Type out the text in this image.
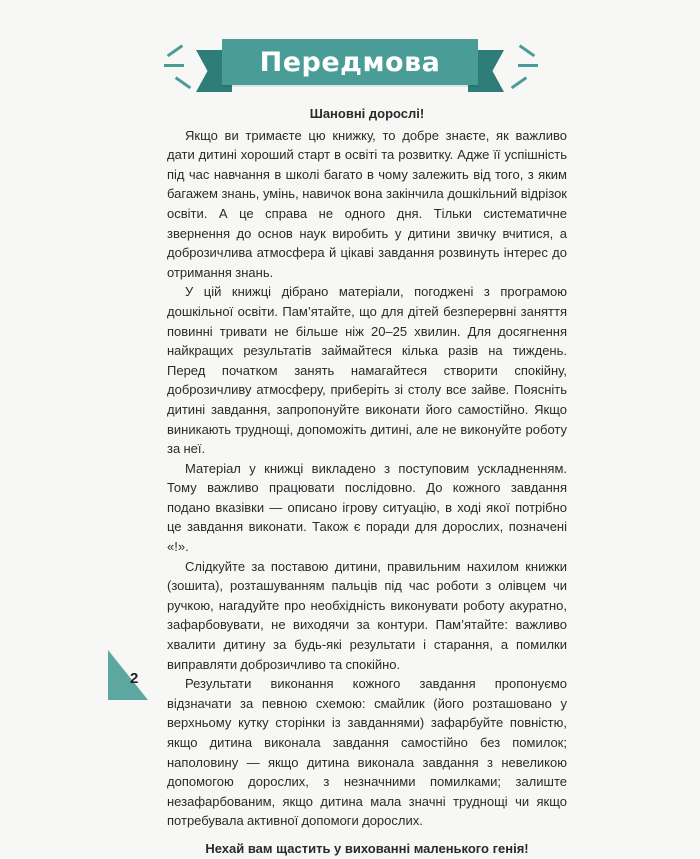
Передмова

Шановні дорослі!

Якщо ви тримаєте цю книжку, то добре знаєте, як важливо дати дитині хороший старт в освіті та розвитку. Адже її успішність під час навчання в школі багато в чому залежить від того, з яким багажем знань, умінь, навичок вона закінчила дошкільний відрізок освіти. А це справа не одного дня. Тільки систематичне звернення до основ наук виробить у дитини звичку вчитися, а доброзичлива атмосфера й цікаві завдання розвинуть інтерес до отримання знань.

У цій книжці дібрано матеріали, погоджені з програмою дошкільної освіти. Пам’ятайте, що для дітей безперервні заняття повинні тривати не більше ніж 20–25 хвилин. Для досягнення найкращих результатів займайтеся кілька разів на тиждень. Перед початком занять намагайтеся створити спокійну, доброзичливу атмосферу, приберіть зі столу все зайве. Поясніть дитині завдання, запропонуйте виконати його самостійно. Якщо виникають труднощі, допоможіть дитині, але не виконуйте роботу за неї.

Матеріал у книжці викладено з поступовим ускладненням. Тому важливо працювати послідовно. До кожного завдання подано вказівки — описано ігрову ситуацію, в ході якої потрібно це завдання виконати. Також є поради для дорослих, позначені «!».

Слідкуйте за поставою дитини, правильним нахилом книжки (зошита), розташуванням пальців під час роботи з олівцем чи ручкою, нагадуйте про необхідність виконувати роботу акуратно, зафарбовувати, не виходячи за контури. Пам’ятайте: важливо хвалити дитину за будь-які результати і старання, а помилки виправляти доброзичливо та спокійно.

Результати виконання кожного завдання пропонуємо відзначати за певною схемою: смайлик (його розташовано у верхньому кутку сторінки із завданнями) зафарбуйте повністю, якщо дитина виконала завдання самостійно без помилок; наполовину — якщо дитина виконала завдання з невеликою допомогою дорослих, з незначними помилками; залиште незафарбованим, якщо дитина мала значні труднощі чи якщо потребувала активної допомоги дорослих.

Нехай вам щастить у вихованні маленького генія!

2
